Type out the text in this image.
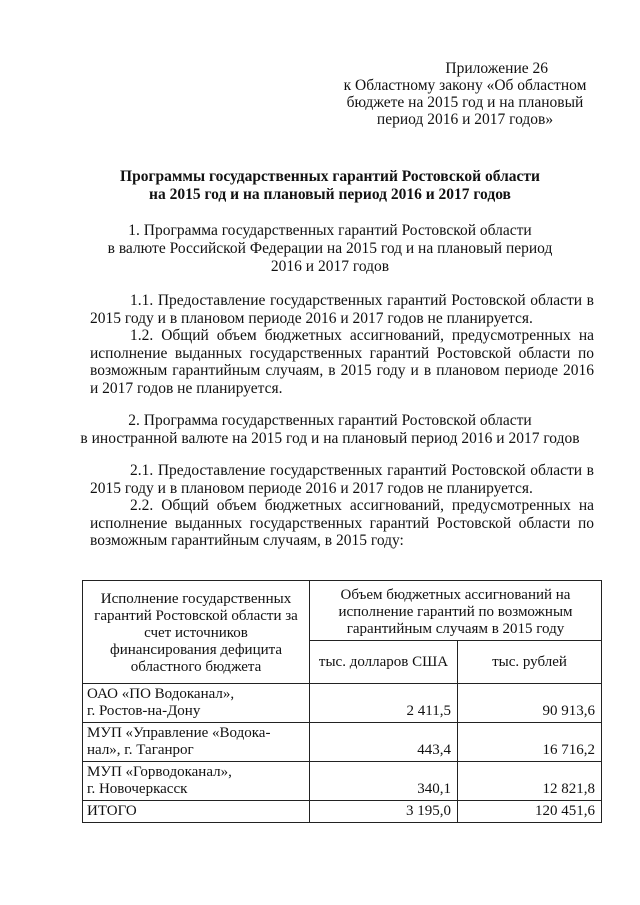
Приложение 26
к Областному закону «Об областном
бюджете на 2015 год и на плановый
период 2016 и 2017 годов»
Программы государственных гарантий Ростовской области
на 2015 год и на плановый период 2016 и 2017 годов
1. Программа государственных гарантий Ростовской области
в валюте Российской Федерации на 2015 год и на плановый период
2016 и 2017 годов

1.1. Предоставление государственных гарантий Ростовской области в 2015 году и в плановом периоде 2016 и 2017 годов не планируется.

1.2. Общий объем бюджетных ассигнований, предусмотренных на исполнение выданных государственных гарантий Ростовской области по возможным гарантийным случаям, в 2015 году и в плановом периоде 2016 и 2017 годов не планируется.

2. Программа государственных гарантий Ростовской области
в иностранной валюте на 2015 год и на плановый период 2016 и 2017 годов

2.1. Предоставление государственных гарантий Ростовской области в 2015 году и в плановом периоде 2016 и 2017 годов не планируется.

2.2. Общий объем бюджетных ассигнований, предусмотренных на исполнение выданных государственных гарантий Ростовской области по возможным гарантийным случаям, в 2015 году:

Исполнение государственных гарантий Ростовской области за счет источников финансирования дефицита областного бюджета	Объем бюджетных ассигнований на исполнение гарантий по возможным гарантийным случаям в 2015 году	
	тыс. долларов США	тыс. рублей

ОАО «ПО Водоканал»,
г. Ростов-на-Дону	2 411,5	90 913,6

МУП «Управление «Водока-
нал», г. Таганрог	443,4	16 716,2

МУП «Горводоканал»,
г. Новочеркасск	340,1	12 821,8
ИТОГО	3 195,0	120 451,6
